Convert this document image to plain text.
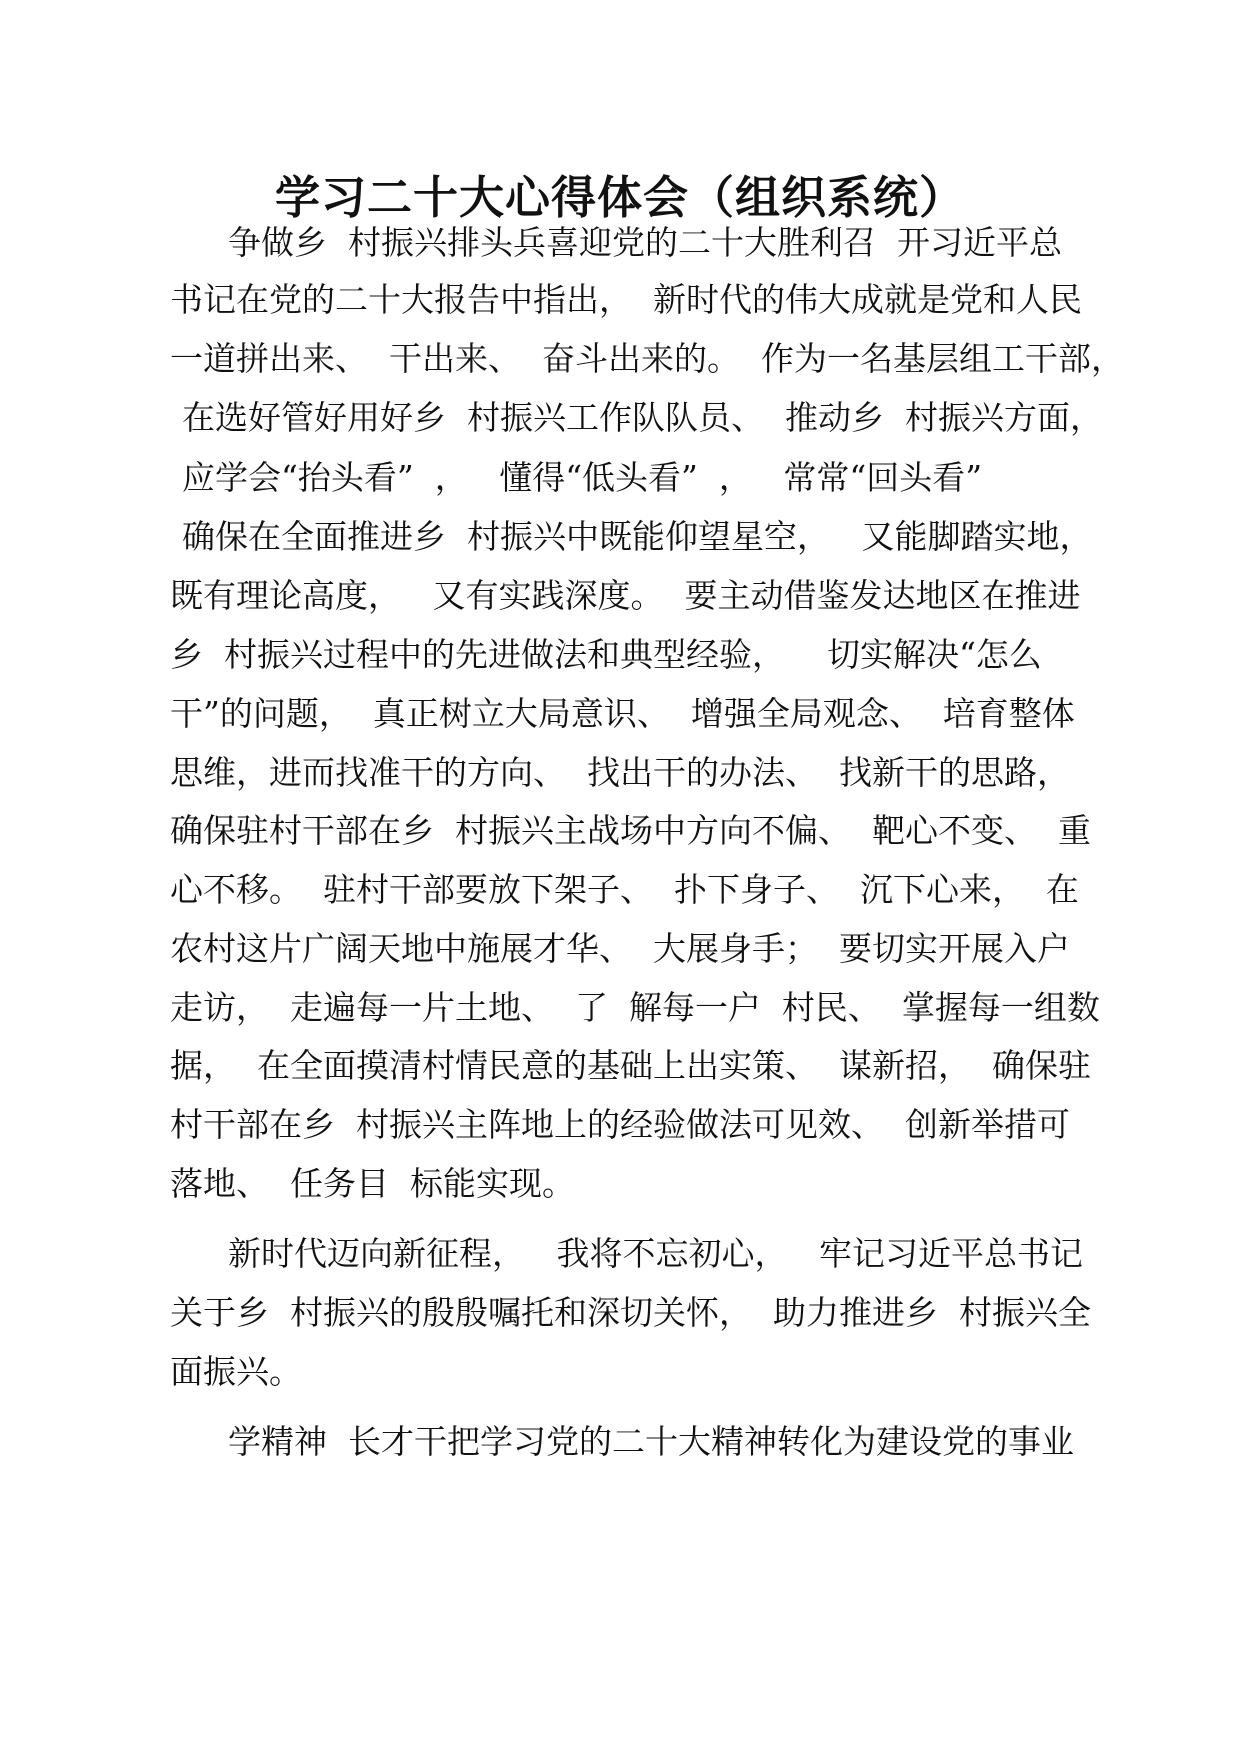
学习二十大心得体会（组织系统）
争做乡  村振兴排头兵喜迎党的二十大胜利召  开习近平总
书记在党的二十大报告中指出，  新时代的伟大成就是党和人民
一道拼出来、  干出来、  奋斗出来的。  作为一名基层组工干部，
在选好管好用好乡  村振兴工作队队员、  推动乡  村振兴方面，
应学会“抬头看”  ，   懂得“低头看”  ，   常常“回头看”
确保在全面推进乡  村振兴中既能仰望星空，   又能脚踏实地，
既有理论高度，   又有实践深度。  要主动借鉴发达地区在推进
乡  村振兴过程中的先进做法和典型经验，    切实解决“怎么
干”的问题，  真正树立大局意识、  增强全局观念、  培育整体
思维，进而找准干的方向、  找出干的办法、  找新干的思路，
确保驻村干部在乡  村振兴主战场中方向不偏、  靶心不变、  重
心不移。  驻村干部要放下架子、  扑下身子、  沉下心来，  在
农村这片广阔天地中施展才华、  大展身手；  要切实开展入户
走访，  走遍每一片土地、  了  解每一户  村民、  掌握每一组数
据，  在全面摸清村情民意的基础上出实策、  谋新招，  确保驻
村干部在乡  村振兴主阵地上的经验做法可见效、  创新举措可
落地、  任务目  标能实现。
新时代迈向新征程，   我将不忘初心，   牢记习近平总书记
关于乡  村振兴的殷殷嘱托和深切关怀，  助力推进乡  村振兴全
面振兴。
学精神  长才干把学习党的二十大精神转化为建设党的事业
